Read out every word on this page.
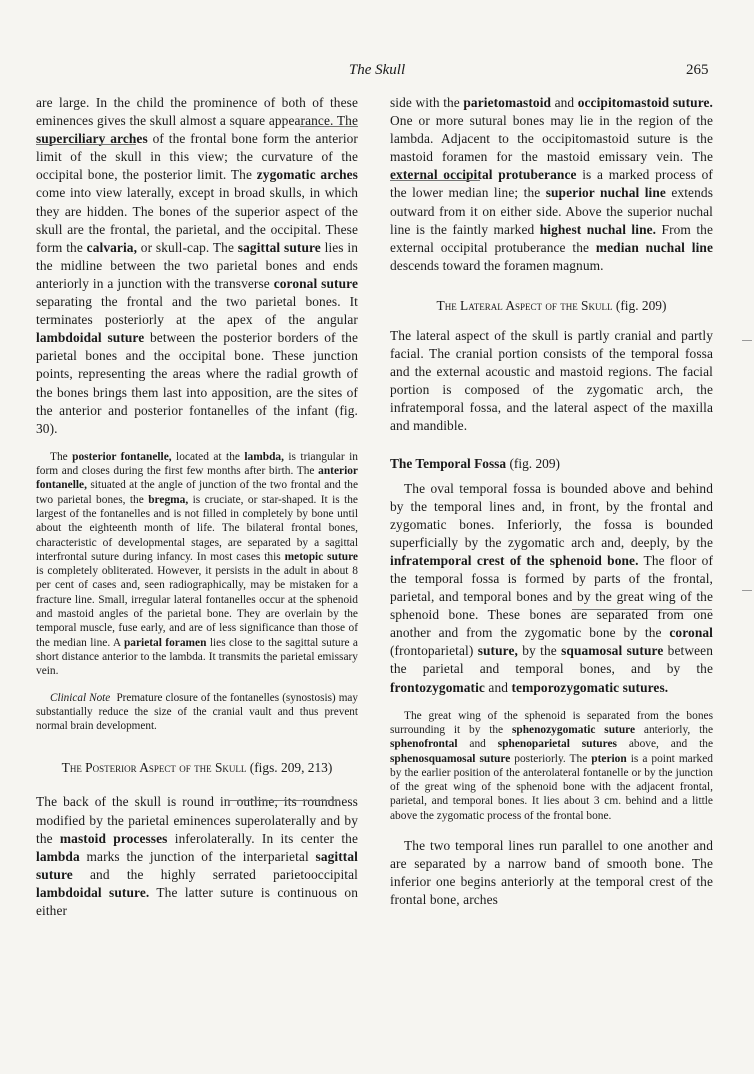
The Skull	265

are large. In the child the prominence of both of these eminences gives the skull almost a square appearance. The superciliary arches of the frontal bone form the anterior limit of the skull in this view; the curvature of the occipital bone, the posterior limit. The zygomatic arches come into view laterally, except in broad skulls, in which they are hidden. The bones of the superior aspect of the skull are the frontal, the parietal, and the occipital. These form the calvaria, or skull-cap. The sagittal suture lies in the midline between the two parietal bones and ends anteriorly in a junction with the transverse coronal suture separating the frontal and the two parietal bones. It terminates posteriorly at the apex of the angular lambdoidal suture between the posterior borders of the parietal bones and the occipital bone. These junction points, representing the areas where the radial growth of the bones brings them last into apposition, are the sites of the anterior and posterior fontanelles of the infant (fig. 30).

The posterior fontanelle, located at the lambda, is triangular in form and closes during the first few months after birth. The anterior fontanelle, situated at the angle of junction of the two frontal and the two parietal bones, the bregma, is cruciate, or star-shaped. It is the largest of the fontanelles and is not filled in completely by bone until about the eighteenth month of life. The bilateral frontal bones, characteristic of developmental stages, are separated by a sagittal interfrontal suture during infancy. In most cases this metopic suture is completely obliterated. However, it persists in the adult in about 8 per cent of cases and, seen radiographically, may be mistaken for a fracture line. Small, irregular lateral fontanelles occur at the sphenoid and mastoid angles of the parietal bone. They are overlain by the temporal muscle, fuse early, and are of less significance than those of the median line. A parietal foramen lies close to the sagittal suture a short distance anterior to the lambda. It transmits the parietal emissary vein.

Clinical Note Premature closure of the fontanelles (synostosis) may substantially reduce the size of the cranial vault and thus prevent normal brain development.

The Posterior Aspect of the Skull (figs. 209, 213)

The back of the skull is round in outline, its roundness modified by the parietal eminences superolaterally and by the mastoid processes inferolaterally. In its center the lambda marks the junction of the interparietal sagittal suture and the highly serrated parietooccipital lambdoidal suture. The latter suture is continuous on either

side with the parietomastoid and occipitomastoid suture. One or more sutural bones may lie in the region of the lambda. Adjacent to the occipitomastoid suture is the mastoid foramen for the mastoid emissary vein. The external occipital protuberance is a marked process of the lower median line; the superior nuchal line extends outward from it on either side. Above the superior nuchal line is the faintly marked highest nuchal line. From the external occipital protuberance the median nuchal line descends toward the foramen magnum.

The Lateral Aspect of the Skull (fig. 209)

The lateral aspect of the skull is partly cranial and partly facial. The cranial portion consists of the temporal fossa and the external acoustic and mastoid regions. The facial portion is composed of the zygomatic arch, the infratemporal fossa, and the lateral aspect of the maxilla and mandible.

The Temporal Fossa (fig. 209)

The oval temporal fossa is bounded above and behind by the temporal lines and, in front, by the frontal and zygomatic bones. Inferiorly, the fossa is bounded superficially by the zygomatic arch and, deeply, by the infratemporal crest of the sphenoid bone. The floor of the temporal fossa is formed by parts of the frontal, parietal, and temporal bones and by the great wing of the sphenoid bone. These bones are separated from one another and from the zygomatic bone by the coronal (frontoparietal) suture, by the squamosal suture between the parietal and temporal bones, and by the frontozygomatic and temporozygomatic sutures.

The great wing of the sphenoid is separated from the bones surrounding it by the sphenozygomatic suture anteriorly, the sphenofrontal and sphenoparietal sutures above, and the sphenosquamosal suture posteriorly. The pterion is a point marked by the earlier position of the anterolateral fontanelle or by the junction of the great wing of the sphenoid bone with the adjacent frontal, parietal, and temporal bones. It lies about 3 cm. behind and a little above the zygomatic process of the frontal bone.

The two temporal lines run parallel to one another and are separated by a narrow band of smooth bone. The inferior one begins anteriorly at the temporal crest of the frontal bone, arches
